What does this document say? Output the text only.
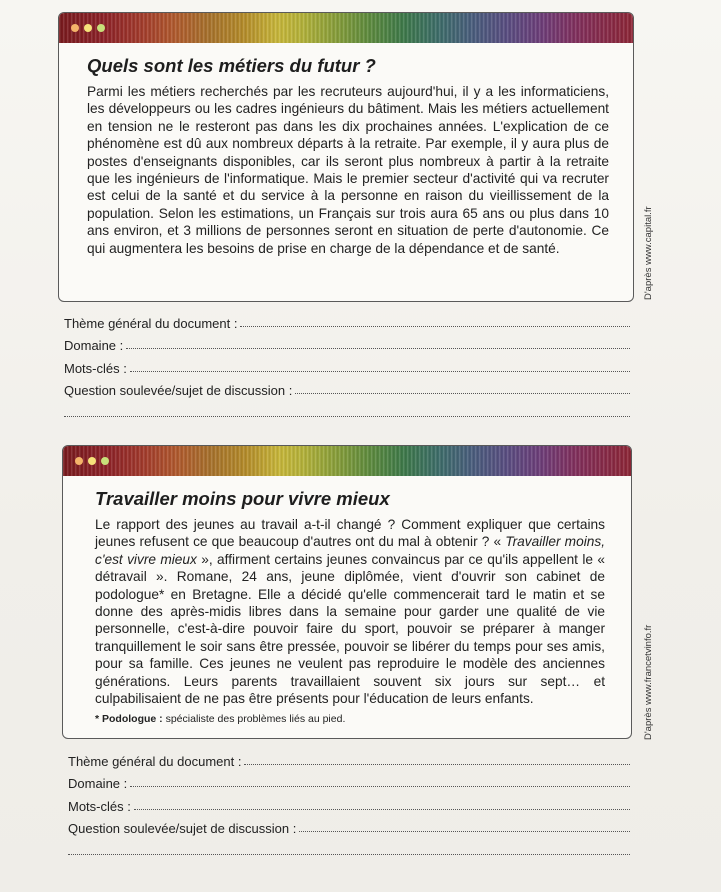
Quels sont les métiers du futur ?

Parmi les métiers recherchés par les recruteurs aujourd'hui, il y a les informaticiens, les développeurs ou les cadres ingénieurs du bâtiment. Mais les métiers actuellement en tension ne le resteront pas dans les dix prochaines années. L'explication de ce phénomène est dû aux nombreux départs à la retraite. Par exemple, il y aura plus de postes d'enseignants disponibles, car ils seront plus nombreux à partir à la retraite que les ingénieurs de l'informatique. Mais le premier secteur d'activité qui va recruter est celui de la santé et du service à la personne en raison du vieillissement de la population. Selon les estimations, un Français sur trois aura 65 ans ou plus dans 10 ans environ, et 3 millions de personnes seront en situation de perte d'autonomie. Ce qui augmentera les besoins de prise en charge de la dépendance et de santé.	D'après www.capital.fr
Thème général du document :
Domaine :
Mots-clés :
Question soulevée/sujet de discussion :
Travailler moins pour vivre mieux

Le rapport des jeunes au travail a-t-il changé ? Comment expliquer que certains jeunes refusent ce que beaucoup d'autres ont du mal à obtenir ? « Travailler moins, c'est vivre mieux », affirment certains jeunes convaincus par ce qu'ils appellent le « détravail ». Romane, 24 ans, jeune diplômée, vient d'ouvrir son cabinet de podologue* en Bretagne. Elle a décidé qu'elle commencerait tard le matin et se donne des après-midis libres dans la semaine pour garder une qualité de vie personnelle, c'est-à-dire pouvoir faire du sport, pouvoir se préparer à manger tranquillement le soir sans être pressée, pouvoir se libérer du temps pour ses amis, pour sa famille. Ces jeunes ne veulent pas reproduire le modèle des anciennes générations. Leurs parents travaillaient souvent six jours sur sept… et culpabilisaient de ne pas être présents pour l'éducation de leurs enfants.

* Podologue : spécialiste des problèmes liés au pied.	D'après www.francetvinfo.fr
Thème général du document :
Domaine :
Mots-clés :
Question soulevée/sujet de discussion :
